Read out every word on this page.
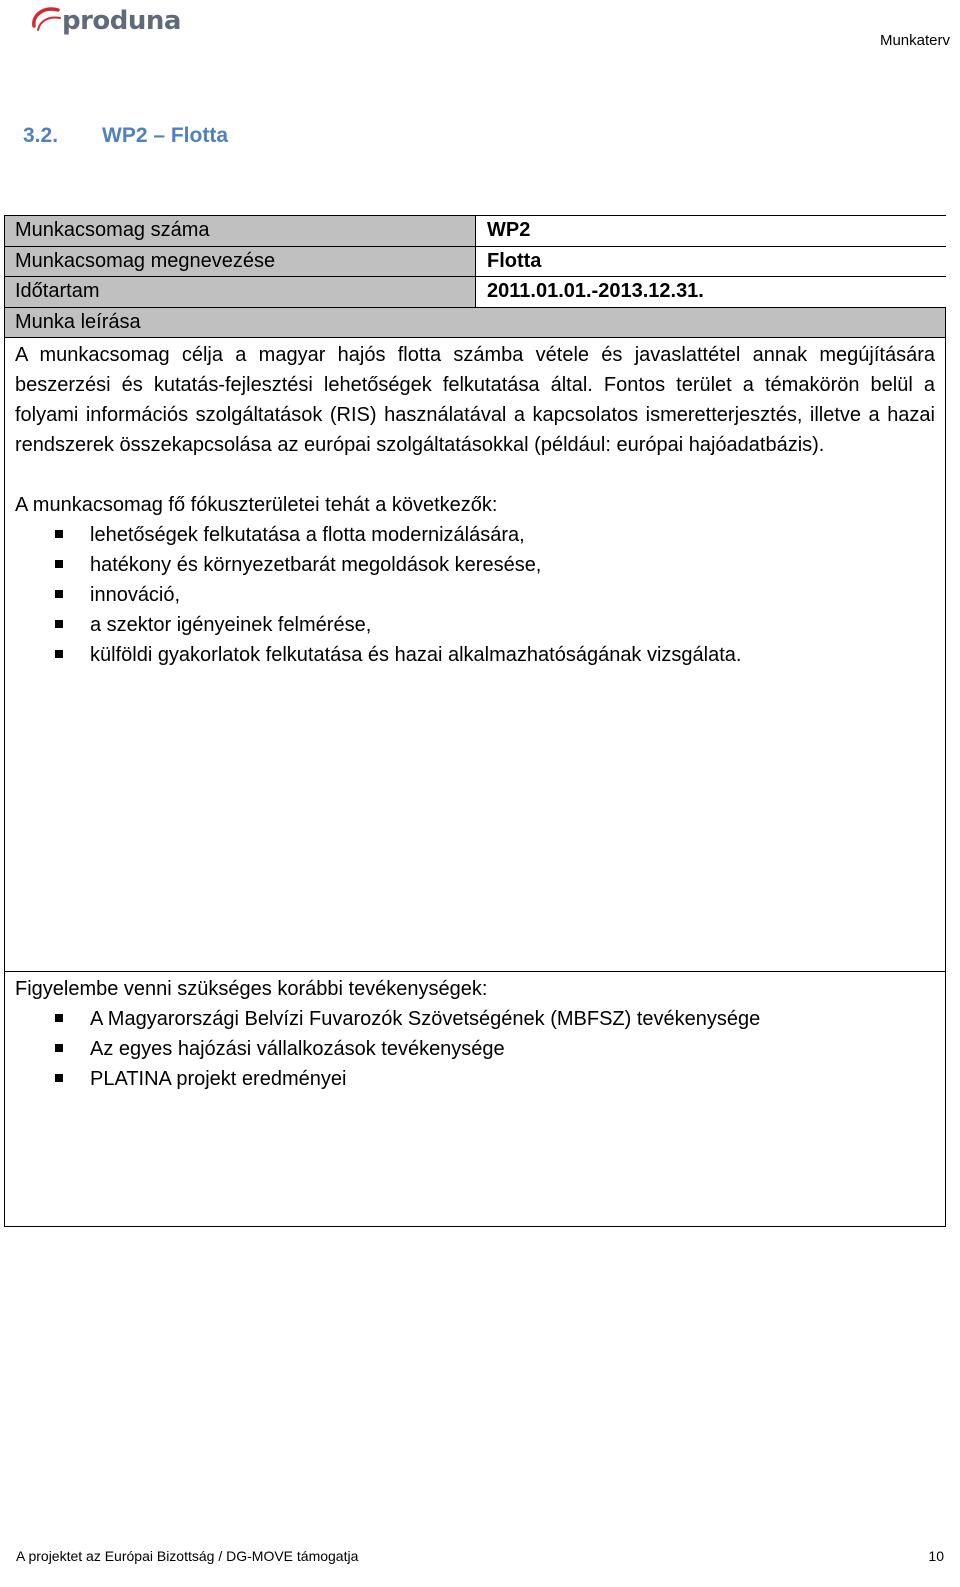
produna
Munkaterv
3.2. WP2 – Flotta
Munkacsomag száma	WP2
Munkacsomag megnevezése	Flotta
Időtartam	2011.01.01.-2013.12.31.
Munka leírása

A munkacsomag célja a magyar hajós flotta számba vétele és javaslattétel annak megújítására beszerzési és kutatás-fejlesztési lehetőségek felkutatása által. Fontos terület a témakörön belül a folyami információs szolgáltatások (RIS) használatával a kapcsolatos ismeretterjesztés, illetve a hazai rendszerek összekapcsolása az európai szolgáltatásokkal (például: európai hajóadatbázis).

A munkacsomag fő fókuszterületei tehát a következők:

lehetőségek felkutatása a flotta modernizálására,
hatékony és környezetbarát megoldások keresése,
innováció,
a szektor igényeinek felmérése,
külföldi gyakorlatok felkutatása és hazai alkalmazhatóságának vizsgálata.
Figyelembe venni szükséges korábbi tevékenységek:
A Magyarországi Belvízi Fuvarozók Szövetségének (MBFSZ) tevékenysége
Az egyes hajózási vállalkozások tevékenysége
PLATINA projekt eredményei
A projektet az Európai Bizottság / DG-MOVE támogatja	10
